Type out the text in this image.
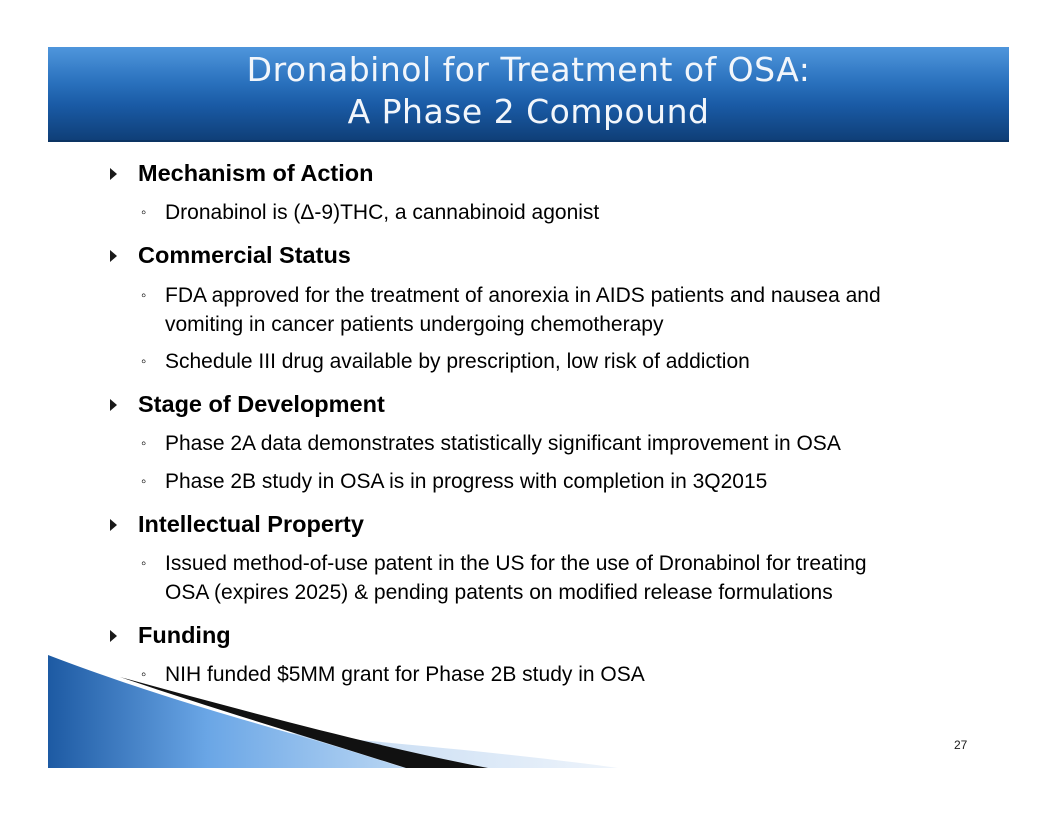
Dronabinol for Treatment of OSA:
A Phase 2 Compound
Mechanism of Action
◦ Dronabinol is (Δ-9)THC, a cannabinoid agonist
Commercial Status
◦ FDA approved for the treatment of anorexia in AIDS patients and nausea and
vomiting in cancer patients undergoing chemotherapy
◦ Schedule III drug available by prescription, low risk of addiction
Stage of Development
◦ Phase 2A data demonstrates statistically significant improvement in OSA
◦ Phase 2B study in OSA is in progress with completion in 3Q2015
Intellectual Property
◦ Issued method-of-use patent in the US for the use of Dronabinol for treating
OSA (expires 2025) & pending patents on modified release formulations
Funding
◦ NIH funded $5MM grant for Phase 2B study in OSA
27
